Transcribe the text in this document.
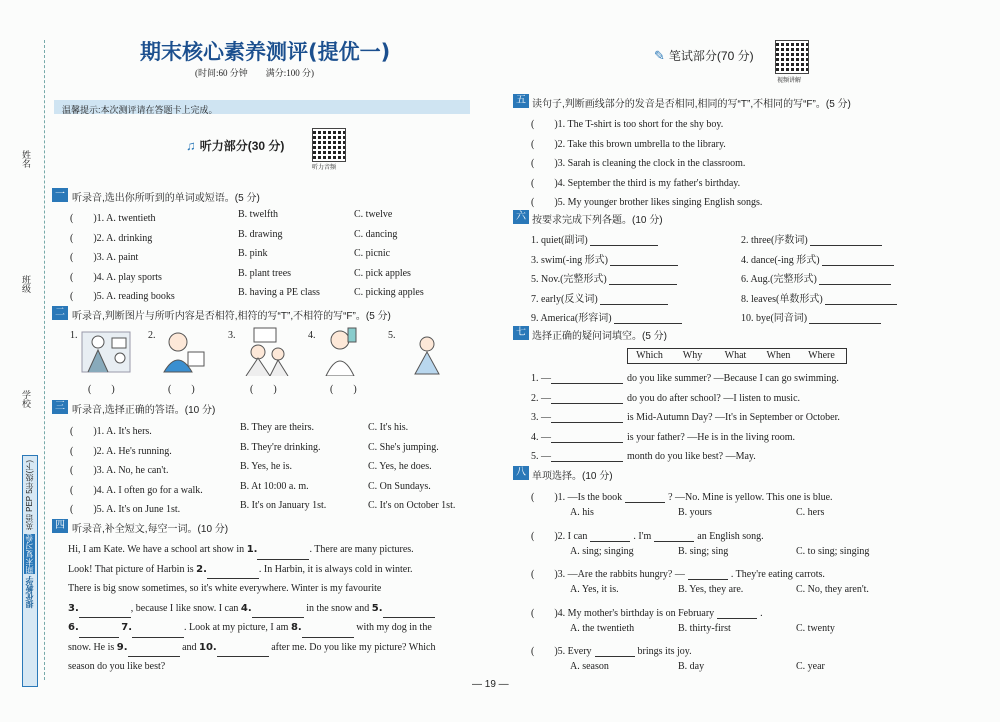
姓名
班级
学校
英语 PEP 5年级(下)
期末复习卷
提优教学
期末核心素养测评(提优一)
(时间:60 分钟　　满分:100 分)
温馨提示:本次测评请在答题卡上完成。
♫ 听力部分(30 分)
听力音频
一 听录音,选出你所听到的单词或短语。(5 分)
(　　)1. A. twentieth	B. twelfth	C. twelve
(　　)2. A. drinking	B. drawing	C. dancing
(　　)3. A. paint	B. pink	C. picnic
(　　)4. A. play sports	B. plant trees	C. pick apples
(　　)5. A. reading books	B. having a PE class	C. picking apples
二 听录音,判断图片与所听内容是否相符,相符的写“T”,不相符的写“F”。(5 分)
1.
(　　)
2.
(　　)
3.
(　　)
4.
(　　)
5.
三 听录音,选择正确的答语。(10 分)
(　　)1. A. It's hers.	B. They are theirs.	C. It's his.
(　　)2. A. He's running.	B. They're drinking.	C. She's jumping.
(　　)3. A. No, he can't.	B. Yes, he is.	C. Yes, he does.
(　　)4. A. I often go for a walk.	B. At 10:00 a. m.	C. On Sundays.
(　　)5. A. It's on June 1st.	B. It's on January 1st.	C. It's on October 1st.
四 听录音,补全短文,每空一词。(10 分)
Hi, I am Kate. We have a school art show in 1.	. There are many pictures.
Look! That picture of Harbin is 2.	. In Harbin, it is always cold in winter.
There is big snow sometimes, so it's white everywhere. Winter is my favourite
3.	, because I like snow. I can 4.	in the snow and 5.
6.	7.	. Look at my picture, I am 8.	with my dog in the
snow. He is 9.	and 10.	after me. Do you like my picture? Which
season do you like best?
✎ 笔试部分(70 分)
视频讲解
五 读句子,判断画线部分的发音是否相同,相同的写“T”,不相同的写“F”。(5 分)
(　　)1. The T-shirt is too short for the shy boy.
(　　)2. Take this brown umbrella to the library.
(　　)3. Sarah is cleaning the clock in the classroom.
(　　)4. September the third is my father's birthday.
(　　)5. My younger brother likes singing English songs.
六 按要求完成下列各题。(10 分)
1. quiet(副词)	2. three(序数词)
3. swim(-ing 形式)	4. dance(-ing 形式)
5. Nov.(完整形式)	6. Aug.(完整形式)
7. early(反义词)	8. leaves(单数形式)
9. America(形容词)	10. bye(同音词)
七 选择正确的疑问词填空。(5 分)
Which Why What When Where
1. —	do you like summer? —Because I can go swimming.
2. —	do you do after school? —I listen to music.
3. —	is Mid-Autumn Day? —It's in September or October.
4. —	is your father? —He is in the living room.
5. —	month do you like best? —May.
八 单项选择。(10 分)
(　　)1. —Is the book	? —No. Mine is yellow. This one is blue.
A. his	B. yours	C. hers
(　　)2. I can	. I'm	an English song.
A. sing; singing	B. sing; sing	C. to sing; singing
(　　)3. —Are the rabbits hungry? —	. They're eating carrots.
A. Yes, it is.	B. Yes, they are.	C. No, they aren't.
(　　)4. My mother's birthday is on February	.
A. the twentieth	B. thirty-first	C. twenty
(　　)5. Every	brings its joy.
A. season	B. day	C. year
— 19 —
